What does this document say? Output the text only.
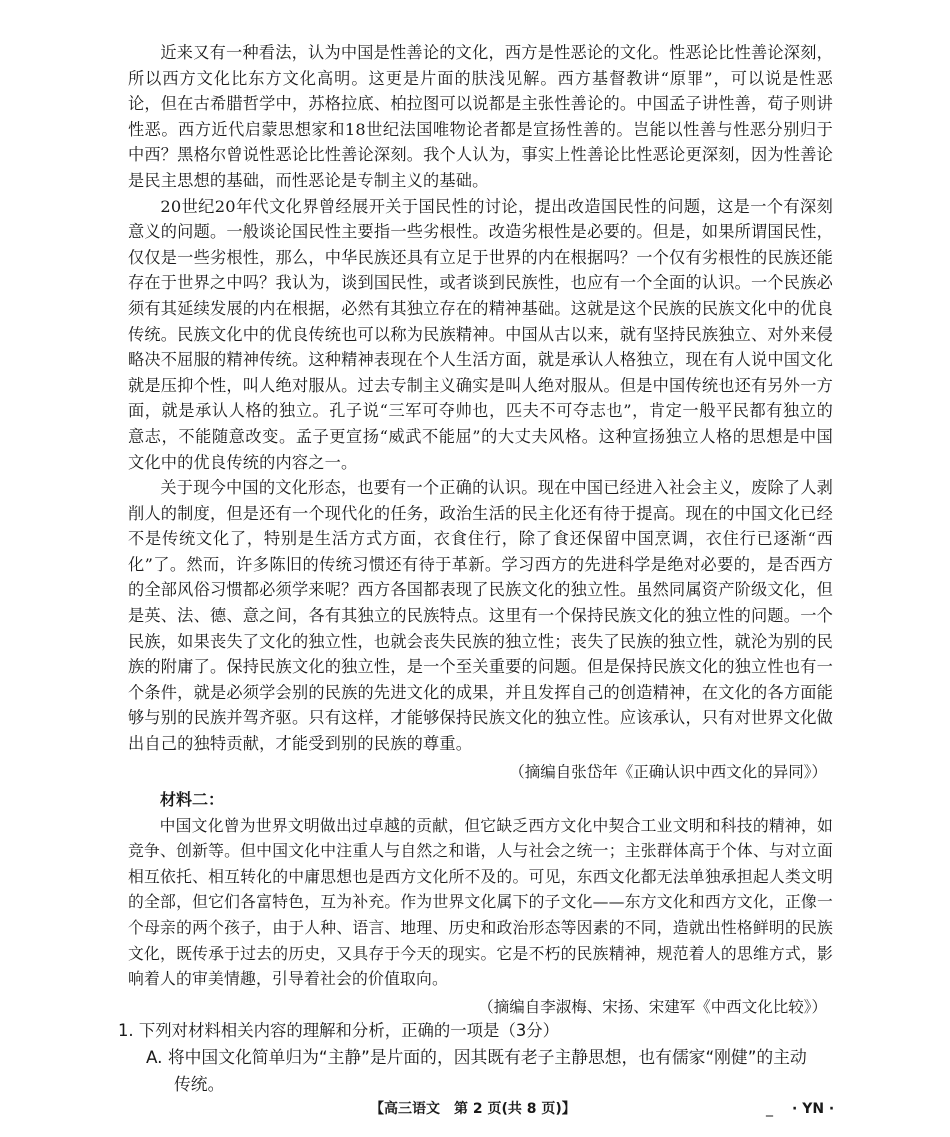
近来又有一种看法，认为中国是性善论的文化，西方是性恶论的文化。性恶论比性善论深刻，所以西方文化比东方文化高明。这更是片面的肤浅见解。西方基督教讲“原罪”，可以说是性恶论，但在古希腊哲学中，苏格拉底、柏拉图可以说都是主张性善论的。中国孟子讲性善，荀子则讲性恶。西方近代启蒙思想家和18世纪法国唯物论者都是宣扬性善的。岂能以性善与性恶分别归于中西？黑格尔曾说性恶论比性善论深刻。我个人认为，事实上性善论比性恶论更深刻，因为性善论是民主思想的基础，而性恶论是专制主义的基础。

20世纪20年代文化界曾经展开关于国民性的讨论，提出改造国民性的问题，这是一个有深刻意义的问题。一般谈论国民性主要指一些劣根性。改造劣根性是必要的。但是，如果所谓国民性，仅仅是一些劣根性，那么，中华民族还具有立足于世界的内在根据吗？一个仅有劣根性的民族还能存在于世界之中吗？我认为，谈到国民性，或者谈到民族性，也应有一个全面的认识。一个民族必须有其延续发展的内在根据，必然有其独立存在的精神基础。这就是这个民族的民族文化中的优良传统。民族文化中的优良传统也可以称为民族精神。中国从古以来，就有坚持民族独立、对外来侵略决不屈服的精神传统。这种精神表现在个人生活方面，就是承认人格独立，现在有人说中国文化就是压抑个性，叫人绝对服从。过去专制主义确实是叫人绝对服从。但是中国传统也还有另外一方面，就是承认人格的独立。孔子说“三军可夺帅也，匹夫不可夺志也”，肯定一般平民都有独立的意志，不能随意改变。孟子更宣扬“威武不能屈”的大丈夫风格。这种宣扬独立人格的思想是中国文化中的优良传统的内容之一。

关于现今中国的文化形态，也要有一个正确的认识。现在中国已经进入社会主义，废除了人剥削人的制度，但是还有一个现代化的任务，政治生活的民主化还有待于提高。现在的中国文化已经不是传统文化了，特别是生活方式方面，衣食住行，除了食还保留中国烹调，衣住行已逐渐“西化”了。然而，许多陈旧的传统习惯还有待于革新。学习西方的先进科学是绝对必要的，是否西方的全部风俗习惯都必须学来呢？西方各国都表现了民族文化的独立性。虽然同属资产阶级文化，但是英、法、德、意之间，各有其独立的民族特点。这里有一个保持民族文化的独立性的问题。一个民族，如果丧失了文化的独立性，也就会丧失民族的独立性；丧失了民族的独立性，就沦为别的民族的附庸了。保持民族文化的独立性，是一个至关重要的问题。但是保持民族文化的独立性也有一个条件，就是必须学会别的民族的先进文化的成果，并且发挥自己的创造精神，在文化的各方面能够与别的民族并驾齐驱。只有这样，才能够保持民族文化的独立性。应该承认，只有对世界文化做出自己的独特贡献，才能受到别的民族的尊重。

（摘编自张岱年《正确认识中西文化的异同》）

材料二：

中国文化曾为世界文明做出过卓越的贡献，但它缺乏西方文化中契合工业文明和科技的精神，如竞争、创新等。但中国文化中注重人与自然之和谐，人与社会之统一；主张群体高于个体、与对立面相互依托、相互转化的中庸思想也是西方文化所不及的。可见，东西文化都无法单独承担起人类文明的全部，但它们各富特色，互为补充。作为世界文化属下的子文化——东方文化和西方文化，正像一个母亲的两个孩子，由于人种、语言、地理、历史和政治形态等因素的不同，造就出性格鲜明的民族文化，既传承于过去的历史，又具存于今天的现实。它是不朽的民族精神，规范着人的思维方式，影响着人的审美情趣，引导着社会的价值取向。

（摘编自李淑梅、宋扬、宋建军《中西文化比较》）

1. 下列对材料相关内容的理解和分析，正确的一项是（3分）

A. 将中国文化简单归为“主静”是片面的，因其既有老子主静思想，也有儒家“刚健”的主动
传统。

【高三语文　第 2 页(共 8 页)】	_ · YN ·
